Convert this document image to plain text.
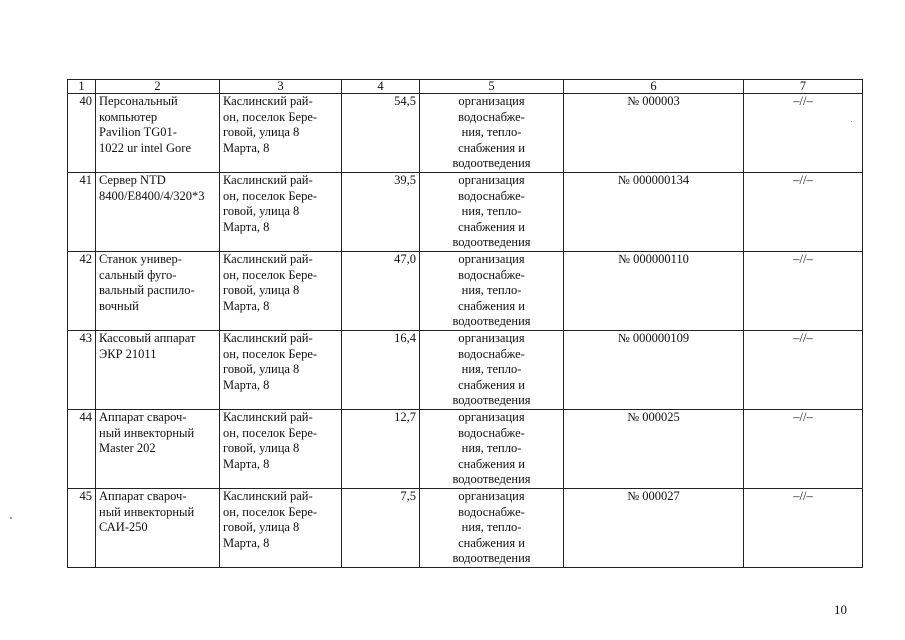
1	2	3	4	5	6	7
40	Персональный
компьютер
Pavilion TG01-
1022 ur intel Gore	Каслинский рай-
он, поселок Бере-
говой, улица 8
Марта, 8	54,5	организация
водоснабже-
ния, тепло-
снабжения и
водоотведения	№ 000003	–//–
41	Сервер NTD
8400/E8400/4/320*3	Каслинский рай-
он, поселок Бере-
говой, улица 8
Марта, 8	39,5	организация
водоснабже-
ния, тепло-
снабжения и
водоотведения	№ 000000134	–//–
42	Станок универ-
сальный фуго-
вальный распило-
вочный	Каслинский рай-
он, поселок Бере-
говой, улица 8
Марта, 8	47,0	организация
водоснабже-
ния, тепло-
снабжения и
водоотведения	№ 000000110	–//–
43	Кассовый аппарат
ЭКР 21011	Каслинский рай-
он, поселок Бере-
говой, улица 8
Марта, 8	16,4	организация
водоснабже-
ния, тепло-
снабжения и
водоотведения	№ 000000109	–//–
44	Аппарат свароч-
ный инвекторный
Master 202	Каслинский рай-
он, поселок Бере-
говой, улица 8
Марта, 8	12,7	организация
водоснабже-
ния, тепло-
снабжения и
водоотведения	№ 000025	–//–
45	Аппарат свароч-
ный инвекторный
САИ-250	Каслинский рай-
он, поселок Бере-
говой, улица 8
Марта, 8	7,5	организация
водоснабже-
ния, тепло-
снабжения и
водоотведения	№ 000027	–//–
10
